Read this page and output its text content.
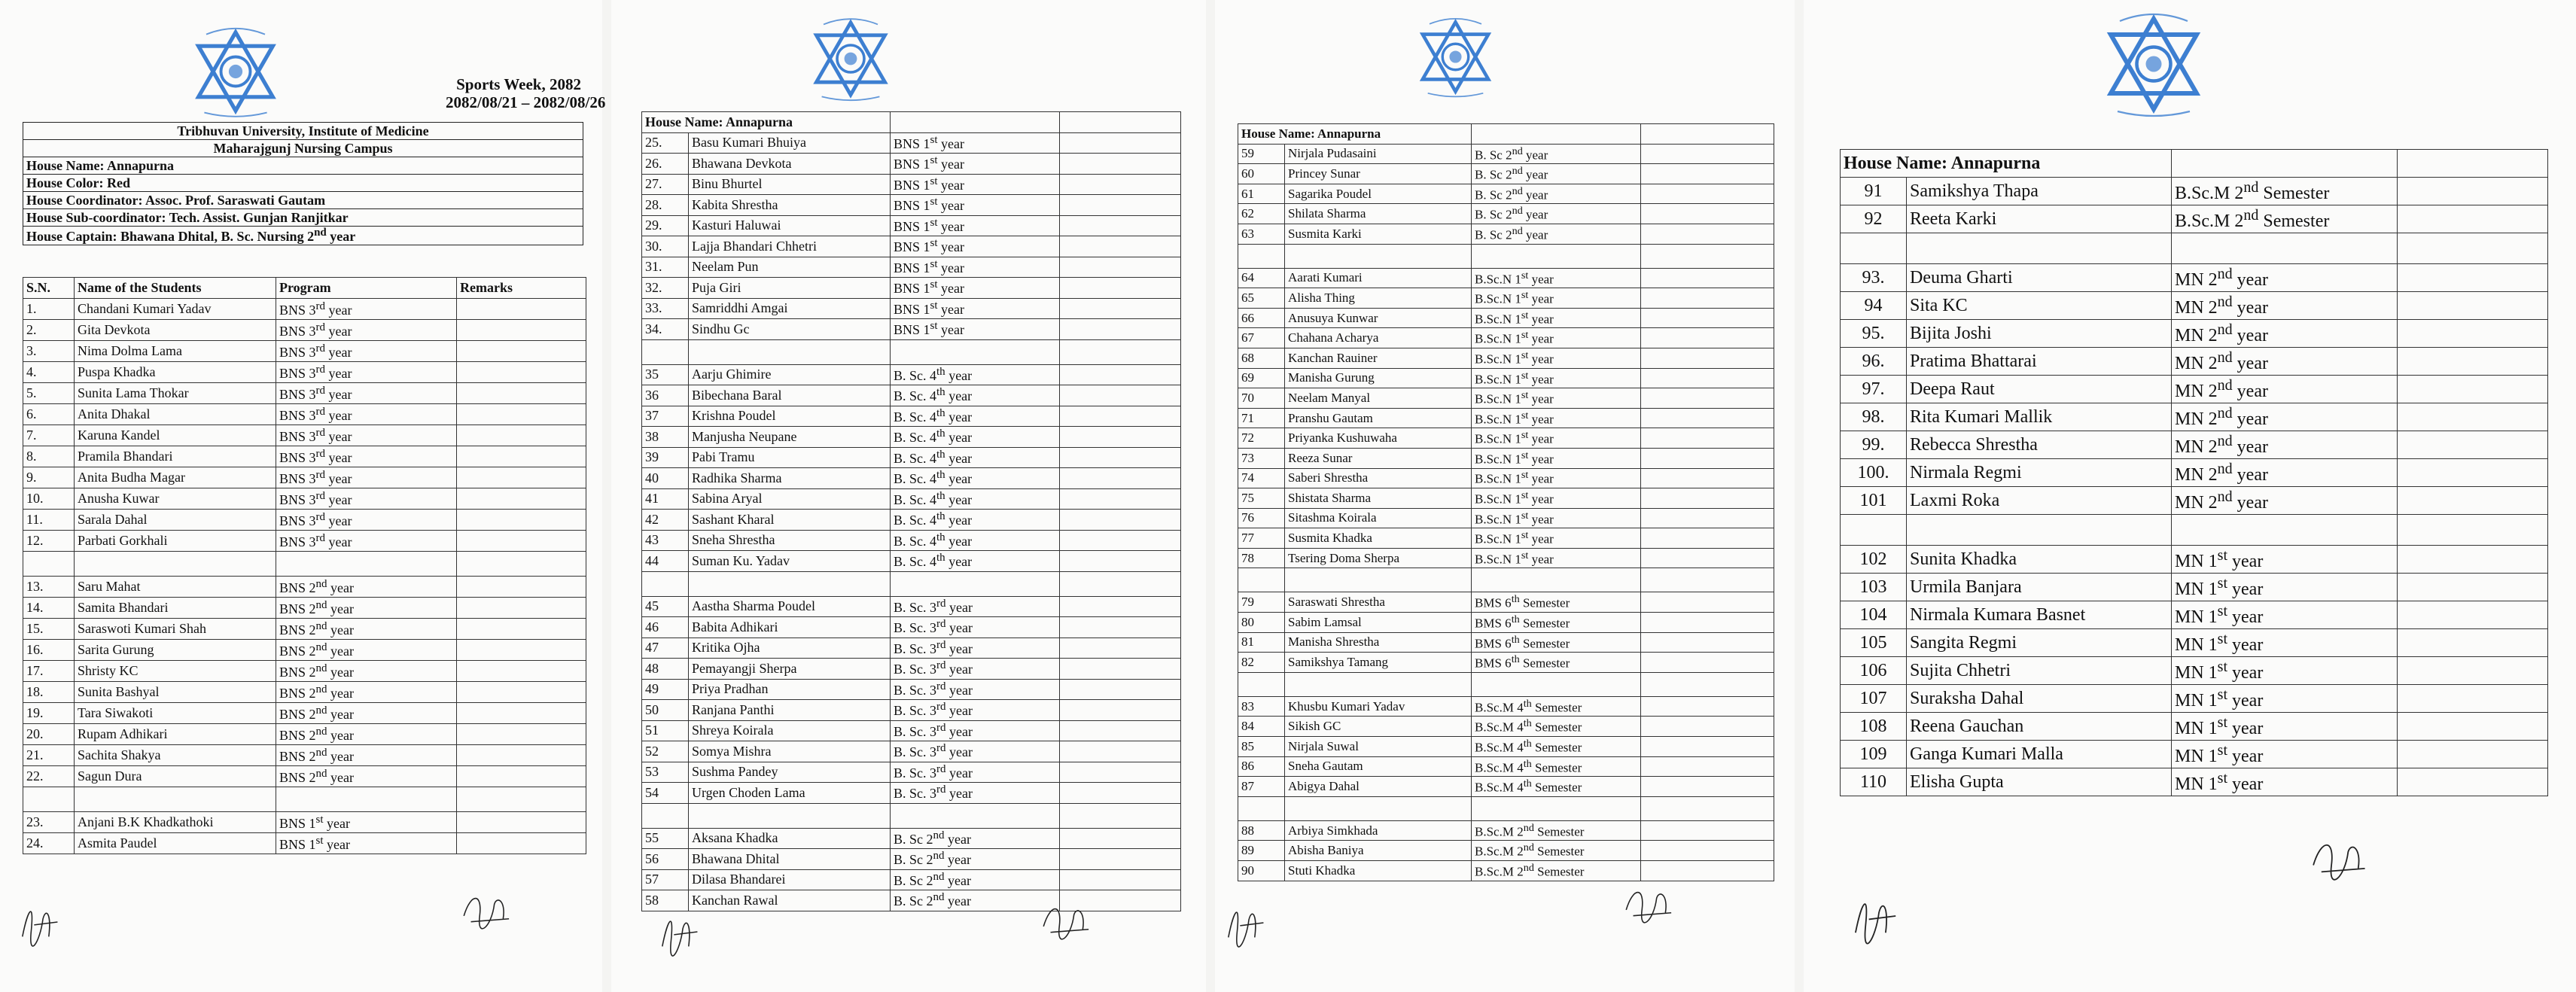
Sports Week, 2082
2082/08/21 – 2082/08/26
Tribhuvan University, Institute of Medicine
Maharajgunj Nursing Campus
House Name: Annapurna
House Color: Red
House Coordinator: Assoc. Prof. Saraswati Gautam
House Sub-coordinator: Tech. Assist. Gunjan Ranjitkar
House Captain: Bhawana Dhital, B. Sc. Nursing 2nd year
S.N.	Name of the Students	Program	Remarks
1.	Chandani Kumari Yadav	BNS 3rd year	
2.	Gita Devkota	BNS 3rd year	
3.	Nima Dolma Lama	BNS 3rd year	
4.	Puspa Khadka	BNS 3rd year	
5.	Sunita Lama Thokar	BNS 3rd year	
6.	Anita Dhakal	BNS 3rd year	
7.	Karuna Kandel	BNS 3rd year	
8.	Pramila Bhandari	BNS 3rd year	
9.	Anita Budha Magar	BNS 3rd year	
10.	Anusha Kuwar	BNS 3rd year	
11.	Sarala Dahal	BNS 3rd year	
12.	Parbati Gorkhali	BNS 3rd year	

13.	Saru Mahat	BNS 2nd year	
14.	Samita Bhandari	BNS 2nd year	
15.	Saraswoti Kumari Shah	BNS 2nd year	
16.	Sarita Gurung	BNS 2nd year	
17.	Shristy KC	BNS 2nd year	
18.	Sunita Bashyal	BNS 2nd year	
19.	Tara Siwakoti	BNS 2nd year	
20.	Rupam Adhikari	BNS 2nd year	
21.	Sachita Shakya	BNS 2nd year	
22.	Sagun Dura	BNS 2nd year	

23.	Anjani B.K Khadkathoki	BNS 1st year	
24.	Asmita Paudel	BNS 1st year	
House Name: Annapurna			
25.	Basu Kumari Bhuiya	BNS 1st year	
26.	Bhawana Devkota	BNS 1st year	
27.	Binu Bhurtel	BNS 1st year	
28.	Kabita Shrestha	BNS 1st year	
29.	Kasturi Haluwai	BNS 1st year	
30.	Lajja Bhandari Chhetri	BNS 1st year	
31.	Neelam Pun	BNS 1st year	
32.	Puja Giri	BNS 1st year	
33.	Samriddhi Amgai	BNS 1st year	
34.	Sindhu Gc	BNS 1st year	

35	Aarju Ghimire	B. Sc. 4th year	
36	Bibechana Baral	B. Sc. 4th year	
37	Krishna Poudel	B. Sc. 4th year	
38	Manjusha Neupane	B. Sc. 4th year	
39	Pabi Tramu	B. Sc. 4th year	
40	Radhika Sharma	B. Sc. 4th year	
41	Sabina Aryal	B. Sc. 4th year	
42	Sashant Kharal	B. Sc. 4th year	
43	Sneha Shrestha	B. Sc. 4th year	
44	Suman Ku. Yadav	B. Sc. 4th year	

45	Aastha Sharma Poudel	B. Sc. 3rd year	
46	Babita Adhikari	B. Sc. 3rd year	
47	Kritika Ojha	B. Sc. 3rd year	
48	Pemayangji Sherpa	B. Sc. 3rd year	
49	Priya Pradhan	B. Sc. 3rd year	
50	Ranjana Panthi	B. Sc. 3rd year	
51	Shreya Koirala	B. Sc. 3rd year	
52	Somya Mishra	B. Sc. 3rd year	
53	Sushma Pandey	B. Sc. 3rd year	
54	Urgen Choden Lama	B. Sc. 3rd year	

55	Aksana Khadka	B. Sc 2nd year	
56	Bhawana Dhital	B. Sc 2nd year	
57	Dilasa Bhandarei	B. Sc 2nd year	
58	Kanchan Rawal	B. Sc 2nd year	
House Name: Annapurna			
59	Nirjala Pudasaini	B. Sc 2nd year	
60	Princey Sunar	B. Sc 2nd year	
61	Sagarika Poudel	B. Sc 2nd year	
62	Shilata Sharma	B. Sc 2nd year	
63	Susmita Karki	B. Sc 2nd year	

64	Aarati Kumari	B.Sc.N 1st year	
65	Alisha Thing	B.Sc.N 1st year	
66	Anusuya Kunwar	B.Sc.N 1st year	
67	Chahana Acharya	B.Sc.N 1st year	
68	Kanchan Rauiner	B.Sc.N 1st year	
69	Manisha Gurung	B.Sc.N 1st year	
70	Neelam Manyal	B.Sc.N 1st year	
71	Pranshu Gautam	B.Sc.N 1st year	
72	Priyanka Kushuwaha	B.Sc.N 1st year	
73	Reeza Sunar	B.Sc.N 1st year	
74	Saberi Shrestha	B.Sc.N 1st year	
75	Shistata Sharma	B.Sc.N 1st year	
76	Sitashma Koirala	B.Sc.N 1st year	
77	Susmita Khadka	B.Sc.N 1st year	
78	Tsering Doma Sherpa	B.Sc.N 1st year	

79	Saraswati Shrestha	BMS 6th Semester	
80	Sabim Lamsal	BMS 6th Semester	
81	Manisha Shrestha	BMS 6th Semester	
82	Samikshya Tamang	BMS 6th Semester	

83	Khusbu Kumari Yadav	B.Sc.M 4th Semester	
84	Sikish GC	B.Sc.M 4th Semester	
85	Nirjala Suwal	B.Sc.M 4th Semester	
86	Sneha Gautam	B.Sc.M 4th Semester	
87	Abigya Dahal	B.Sc.M 4th Semester	

88	Arbiya Simkhada	B.Sc.M 2nd Semester	
89	Abisha Baniya	B.Sc.M 2nd Semester	
90	Stuti Khadka	B.Sc.M 2nd Semester	
House Name: Annapurna			
91	Samikshya Thapa	B.Sc.M 2nd Semester	
92	Reeta Karki	B.Sc.M 2nd Semester	

93.	Deuma Gharti	MN 2nd year	
94	Sita KC	MN 2nd year	
95.	Bijita Joshi	MN 2nd year	
96.	Pratima Bhattarai	MN 2nd year	
97.	Deepa Raut	MN 2nd year	
98.	Rita Kumari Mallik	MN 2nd year	
99.	Rebecca Shrestha	MN 2nd year	
100.	Nirmala Regmi	MN 2nd year	
101	Laxmi Roka	MN 2nd year	

102	Sunita Khadka	MN 1st year	
103	Urmila Banjara	MN 1st year	
104	Nirmala Kumara Basnet	MN 1st year	
105	Sangita Regmi	MN 1st year	
106	Sujita Chhetri	MN 1st year	
107	Suraksha Dahal	MN 1st year	
108	Reena Gauchan	MN 1st year	
109	Ganga Kumari Malla	MN 1st year	
110	Elisha Gupta	MN 1st year	
